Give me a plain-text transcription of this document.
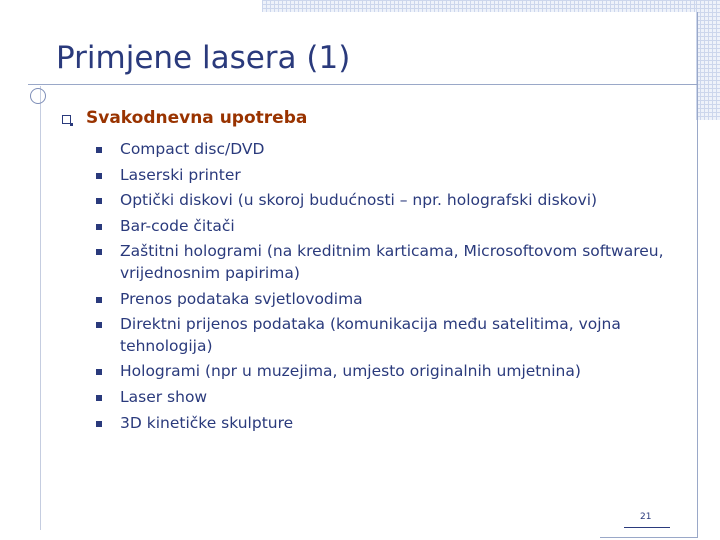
Primjene lasera (1)
Svakodnevna upotreba
Compact disc/DVD
Laserski printer
Optički diskovi (u skoroj budućnosti – npr. holografski diskovi)
Bar-code čitači
Zaštitni hologrami (na kreditnim karticama, Microsoftovom softwareu, vrijednosnim papirima)
Prenos podataka svjetlovodima
Direktni prijenos podataka (komunikacija među satelitima, vojna tehnologija)
Hologrami (npr u muzejima, umjesto originalnih umjetnina)
Laser show
3D kinetičke skulpture
21
